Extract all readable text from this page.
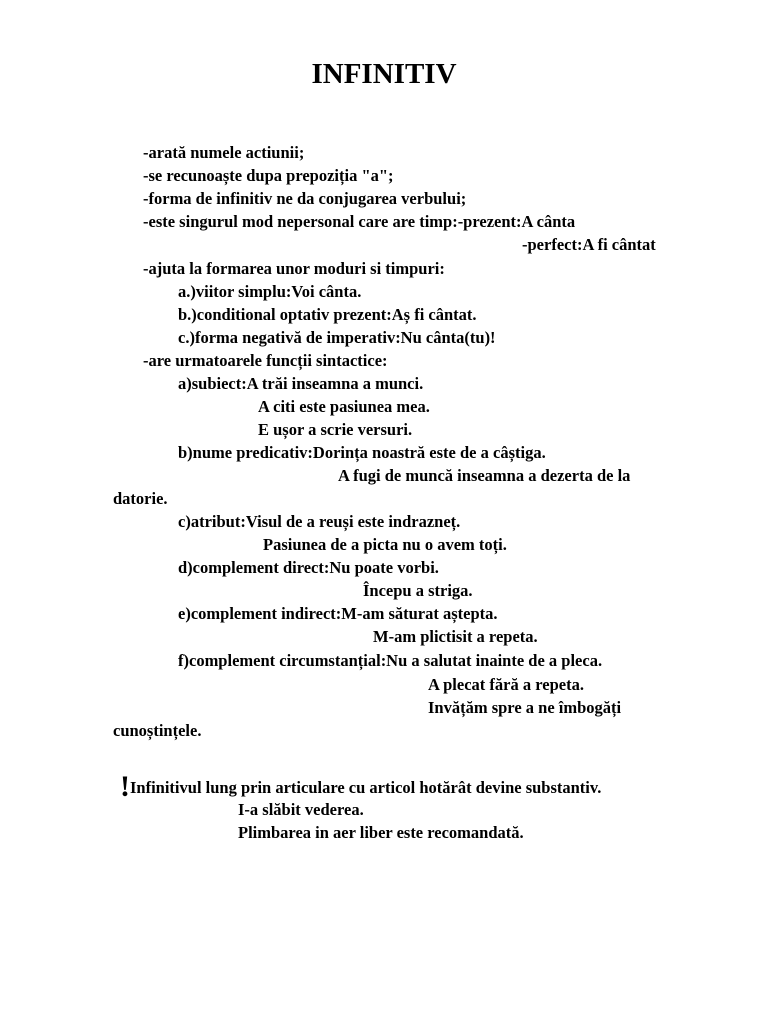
INFINITIV
-arată numele actiunii;
-se recunoaște dupa prepoziția "a";
-forma de infinitiv ne da conjugarea verbului;
-este singurul mod nepersonal care are timp:-prezent:A cânta
-perfect:A fi cântat
-ajuta la formarea unor moduri si timpuri:
a.)viitor simplu:Voi cânta.
b.)conditional optativ prezent:Aș fi cântat.
c.)forma negativă de imperativ:Nu cânta(tu)!
-are urmatoarele funcții sintactice:
a)subiect:A trăi inseamna a munci.
A citi este pasiunea mea.
E ușor a scrie versuri.
b)nume predicativ:Dorința noastră este de a câștiga.
A fugi de muncă inseamna a dezerta de la
datorie.
c)atribut:Visul de a reuși este indrazneț.
Pasiunea de a picta nu o avem toți.
d)complement direct:Nu poate vorbi.
Începu a striga.
e)complement indirect:M-am săturat aștepta.
M-am plictisit a repeta.
f)complement circumstanțial:Nu a salutat inainte de a pleca.
A plecat fără a repeta.
Invățăm spre a ne îmbogăți
cunoștințele.
!Infinitivul lung prin articulare cu articol hotărât devine substantiv.
I-a slăbit vederea.
Plimbarea in aer liber este recomandată.
